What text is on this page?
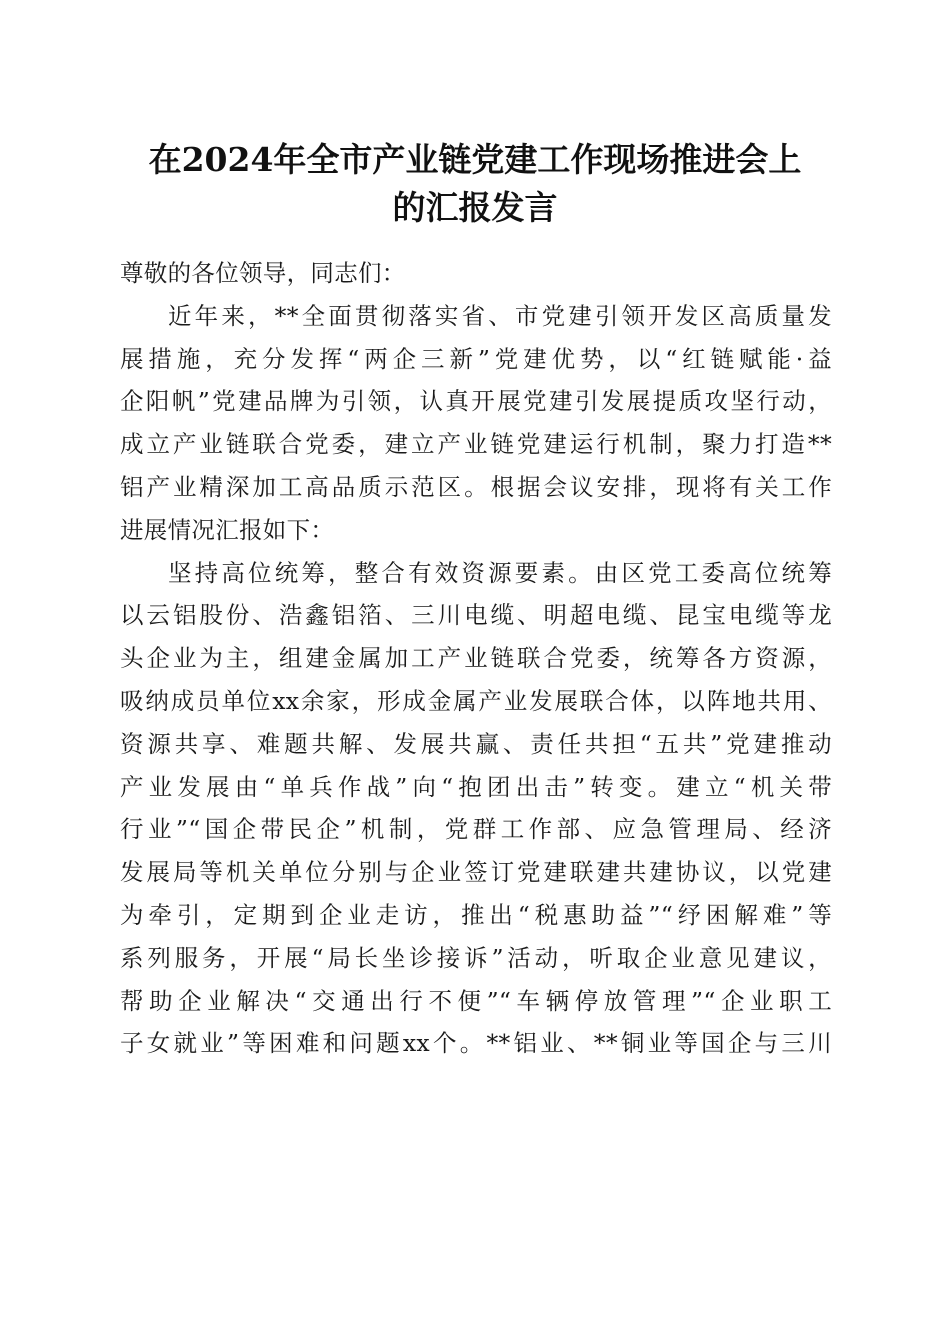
在2024年全市产业链党建工作现场推进会上
的汇报发言
尊敬的各位领导，同志们：
近年来，**全面贯彻落实省、市党建引领开发区高质量发
展措施，充分发挥“两企三新”党建优势，以“红链赋能·益
企阳帆”党建品牌为引领，认真开展党建引发展提质攻坚行动，
成立产业链联合党委，建立产业链党建运行机制，聚力打造**
铝产业精深加工高品质示范区。根据会议安排，现将有关工作
进展情况汇报如下：
坚持高位统筹，整合有效资源要素。由区党工委高位统筹
以云铝股份、浩鑫铝箔、三川电缆、明超电缆、昆宝电缆等龙
头企业为主，组建金属加工产业链联合党委，统筹各方资源，
吸纳成员单位xx余家，形成金属产业发展联合体，以阵地共用、
资源共享、难题共解、发展共赢、责任共担“五共”党建推动
产业发展由“单兵作战”向“抱团出击”转变。建立“机关带
行业”“国企带民企”机制，党群工作部、应急管理局、经济
发展局等机关单位分别与企业签订党建联建共建协议，以党建
为牵引，定期到企业走访，推出“税惠助益”“纾困解难”等
系列服务，开展“局长坐诊接诉”活动，听取企业意见建议，
帮助企业解决“交通出行不便”“车辆停放管理”“企业职工
子女就业”等困难和问题xx个。**铝业、**铜业等国企与三川
